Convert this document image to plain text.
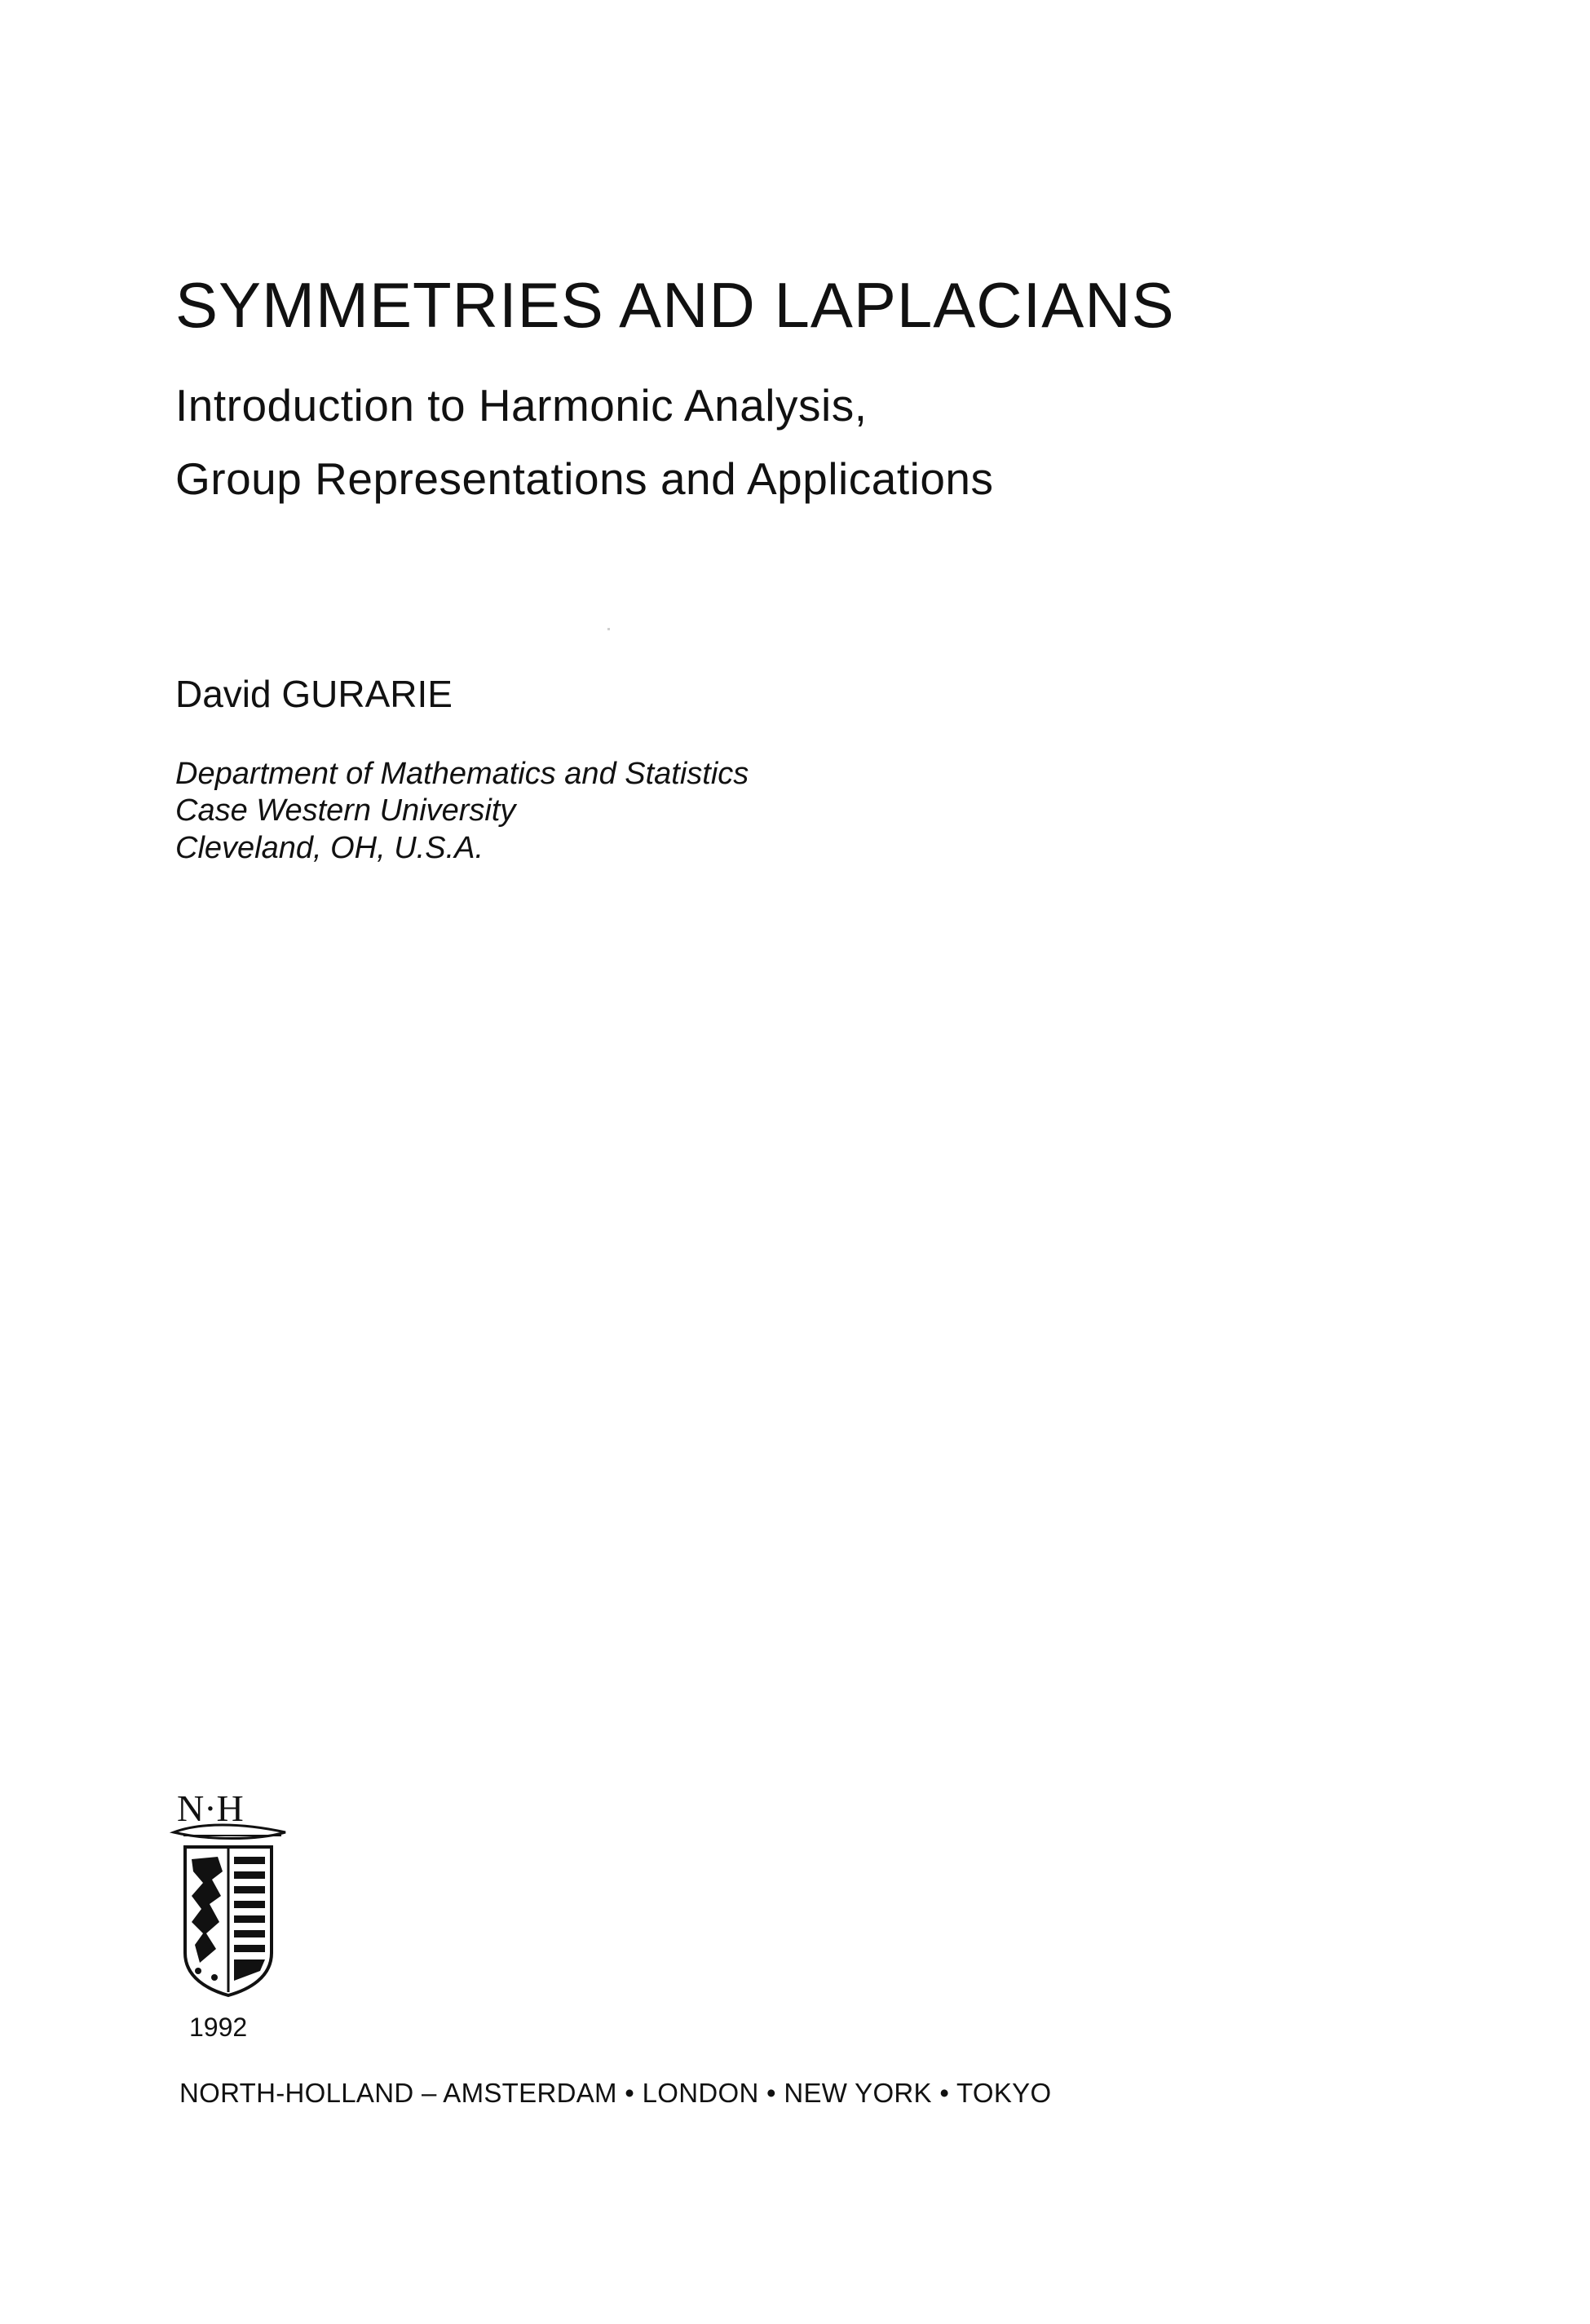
SYMMETRIES AND LAPLACIANS
Introduction to Harmonic Analysis,
Group Representations and Applications

David GURARIE

Department of Mathematics and Statistics

Case Western University

Cleveland, OH, U.S.A.

N·H

1992

NORTH-HOLLAND – AMSTERDAM • LONDON • NEW YORK • TOKYO
